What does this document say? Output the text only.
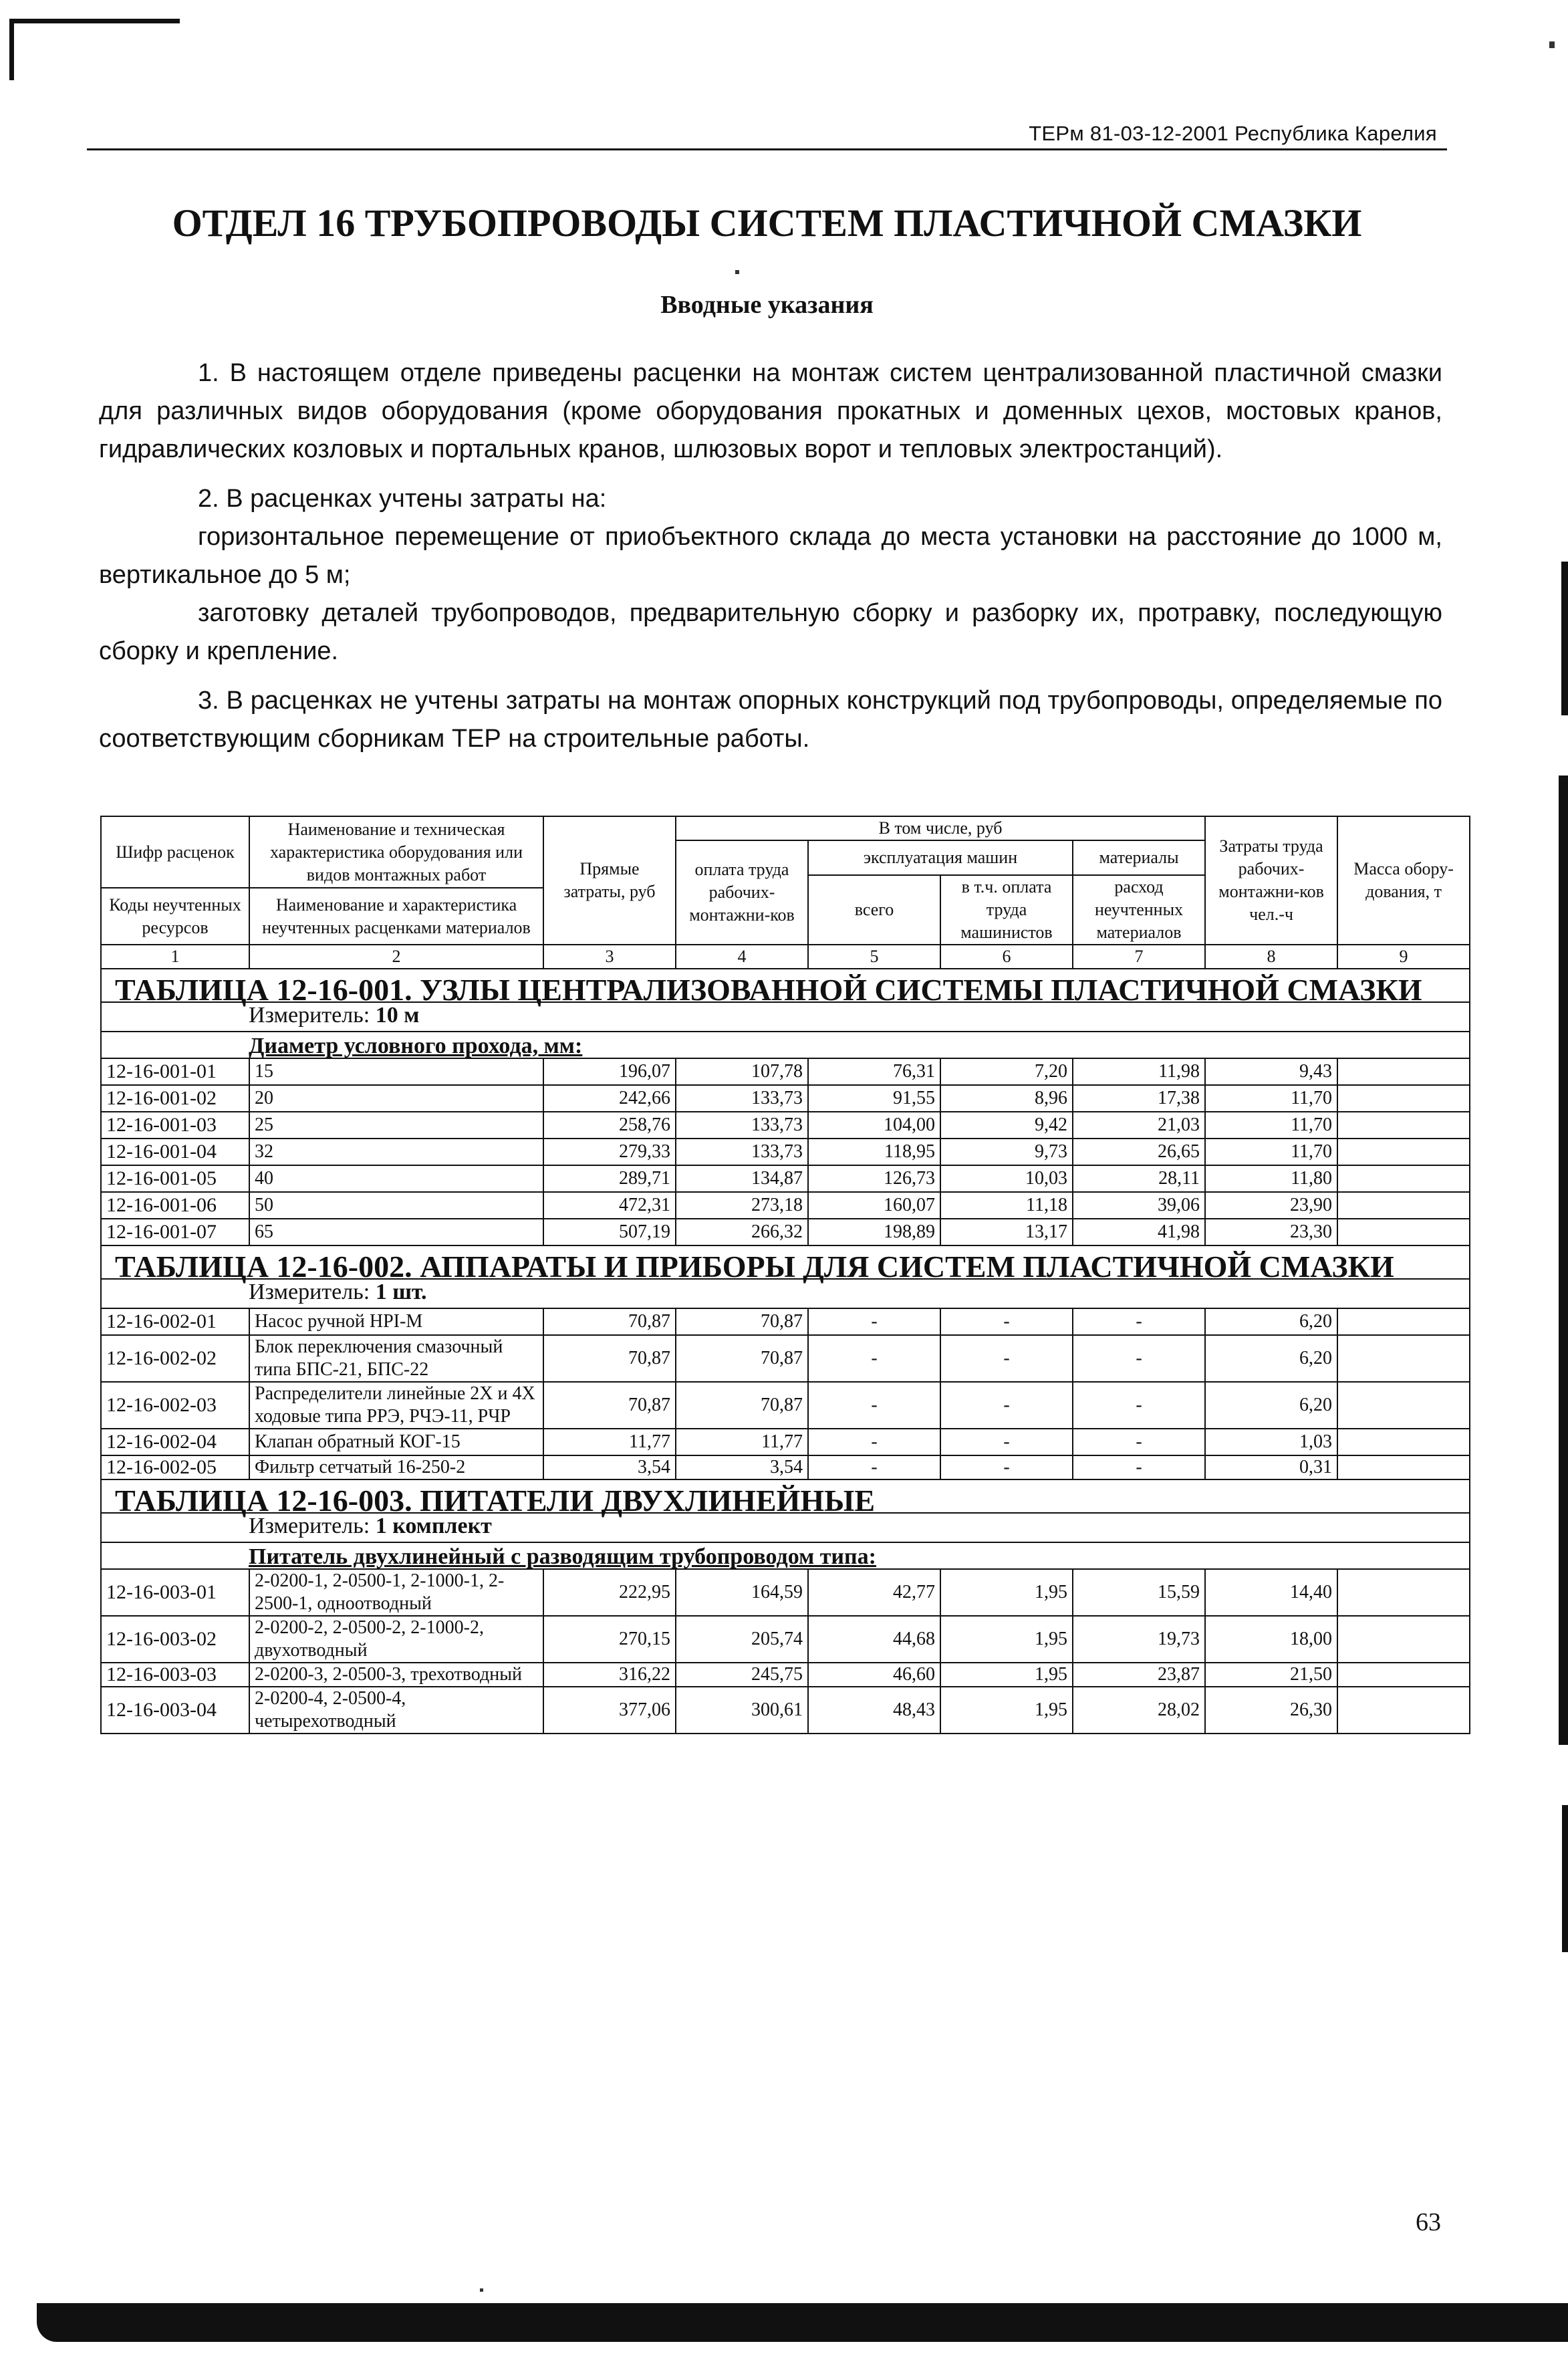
ТЕРм 81-03-12-2001 Республика Карелия
ОТДЕЛ 16 ТРУБОПРОВОДЫ СИСТЕМ ПЛАСТИЧНОЙ СМАЗКИ
Вводные указания

1. В настоящем отделе приведены расценки на монтаж систем централизованной пластичной смазки для различных видов оборудования (кроме оборудования прокатных и доменных цехов, мостовых кранов, гидравлических козловых и портальных кранов, шлюзовых ворот и тепловых электростанций).

2. В расценках учтены затраты на:

горизонтальное перемещение от приобъектного склада до места установки на расстояние до 1000 м, вертикальное до 5 м;

заготовку деталей трубопроводов, предварительную сборку и разборку их, протравку, последующую сборку и крепление.

3. В расценках не учтены затраты на монтаж опорных конструкций под трубопроводы, определяемые по соответствующим сборникам ТЕР на строительные работы.

Шифр расценок	Наименование и техническая характеристика оборудования или видов монтажных работ	Прямые затраты, руб	В том числе, руб				Затраты труда рабочих-монтажни-ков чел.-ч	Масса обору-дования, т
			оплата труда рабочих-монтажни-ков	эксплуатация машин		материалы		
				всего	в т.ч. оплата труда машинистов	расход неучтенных материалов		
Коды неучтенных ресурсов	Наименование и характеристика неучтенных расценками материалов							
1	2	3	4	5	6	7	8	9
ТАБЛИЦА 12-16-001. УЗЛЫ ЦЕНТРАЛИЗОВАННОЙ СИСТЕМЫ ПЛАСТИЧНОЙ СМАЗКИ								
Измеритель: 10 м								
Диаметр условного прохода, мм:								
12-16-001-01	15	196,07	107,78	76,31	7,20	11,98	9,43	
12-16-001-02	20	242,66	133,73	91,55	8,96	17,38	11,70	
12-16-001-03	25	258,76	133,73	104,00	9,42	21,03	11,70	
12-16-001-04	32	279,33	133,73	118,95	9,73	26,65	11,70	
12-16-001-05	40	289,71	134,87	126,73	10,03	28,11	11,80	
12-16-001-06	50	472,31	273,18	160,07	11,18	39,06	23,90	
12-16-001-07	65	507,19	266,32	198,89	13,17	41,98	23,30	
ТАБЛИЦА 12-16-002. АППАРАТЫ И ПРИБОРЫ ДЛЯ СИСТЕМ ПЛАСТИЧНОЙ СМАЗКИ								
Измеритель: 1 шт.								
12-16-002-01	Насос ручной НРI-М	70,87	70,87	-	-	-	6,20	
12-16-002-02	Блок переключения смазочный типа БПС-21, БПС-22	70,87	70,87	-	-	-	6,20	
12-16-002-03	Распределители линейные 2Х и 4Х ходовые типа РРЭ, РЧЭ-11, РЧР	70,87	70,87	-	-	-	6,20	
12-16-002-04	Клапан обратный КОГ-15	11,77	11,77	-	-	-	1,03	
12-16-002-05	Фильтр сетчатый 16-250-2	3,54	3,54	-	-	-	0,31	
ТАБЛИЦА 12-16-003. ПИТАТЕЛИ ДВУХЛИНЕЙНЫЕ								
Измеритель: 1 комплект								
Питатель двухлинейный с разводящим трубопроводом типа:								
12-16-003-01	2-0200-1, 2-0500-1, 2-1000-1, 2-2500-1, одноотводный	222,95	164,59	42,77	1,95	15,59	14,40	
12-16-003-02	2-0200-2, 2-0500-2, 2-1000-2, двухотводный	270,15	205,74	44,68	1,95	19,73	18,00	
12-16-003-03	2-0200-3, 2-0500-3, трехотводный	316,22	245,75	46,60	1,95	23,87	21,50	
12-16-003-04	2-0200-4, 2-0500-4, четырехотводный	377,06	300,61	48,43	1,95	28,02	26,30	
63
